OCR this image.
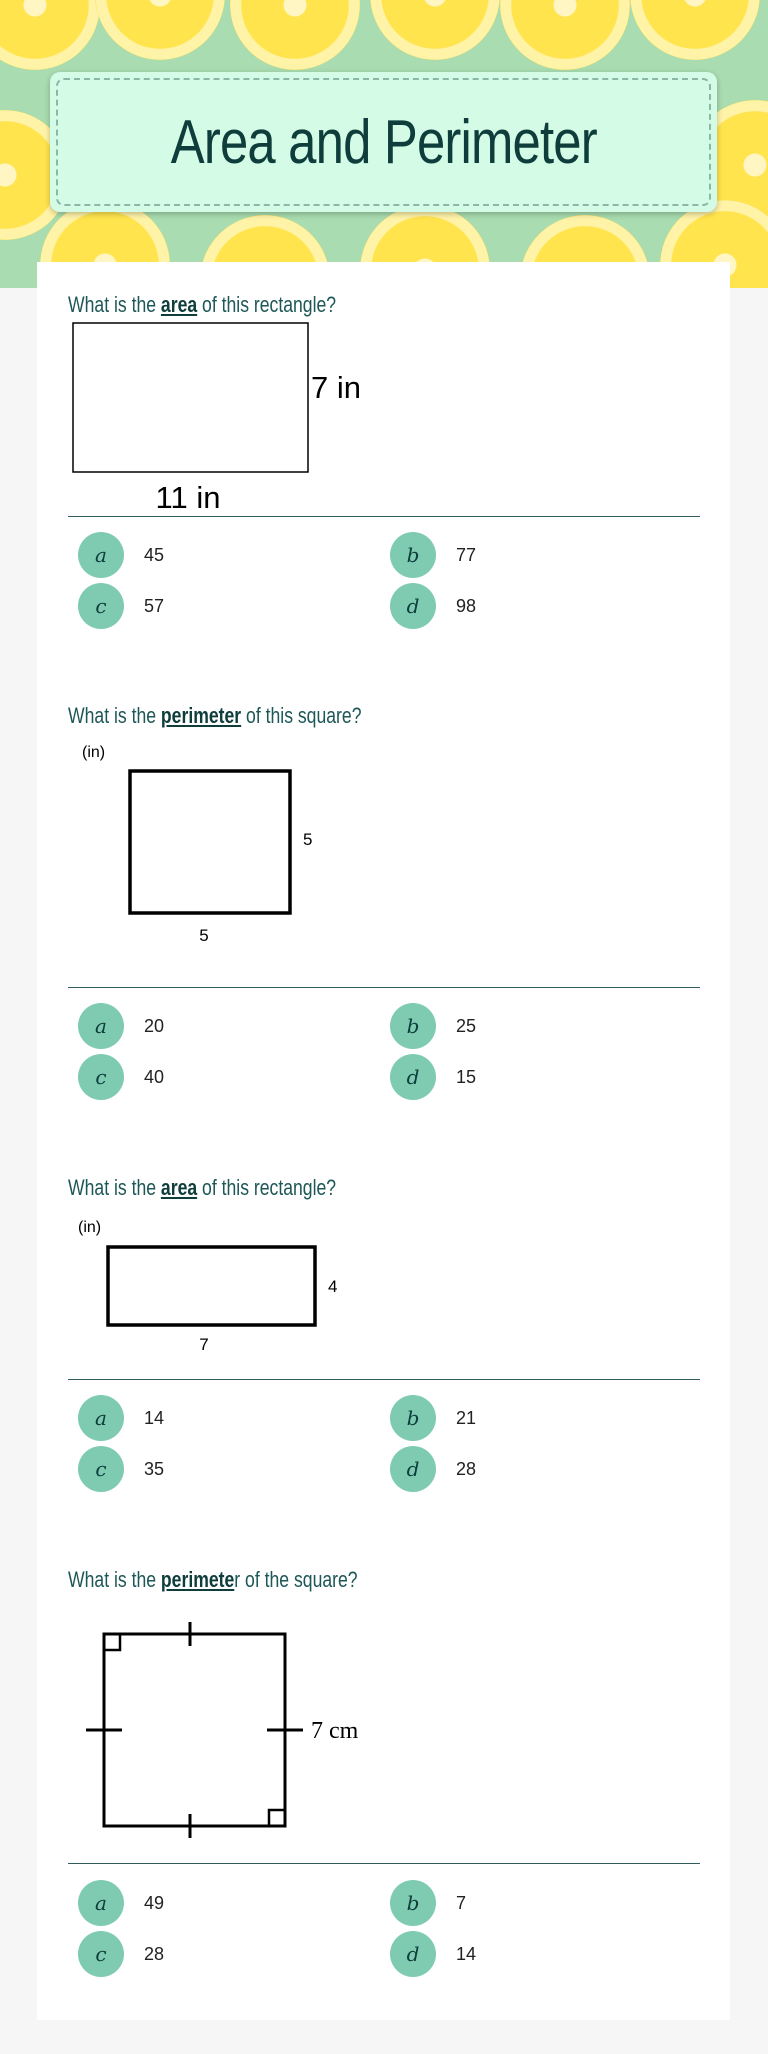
Area and Perimeter
What is the area of this rectangle?
7 in
11 in
a	45	b	77
c	57	d	98
What is the perimeter of this square?
(in)
5
5
a	20	b	25
c	40	d	15
What is the area of this rectangle?
(in)
4
7
a	14	b	21
c	35	d	28
What is the perimeter of the square?
7 cm
a	49	b	7
c	28	d	14
